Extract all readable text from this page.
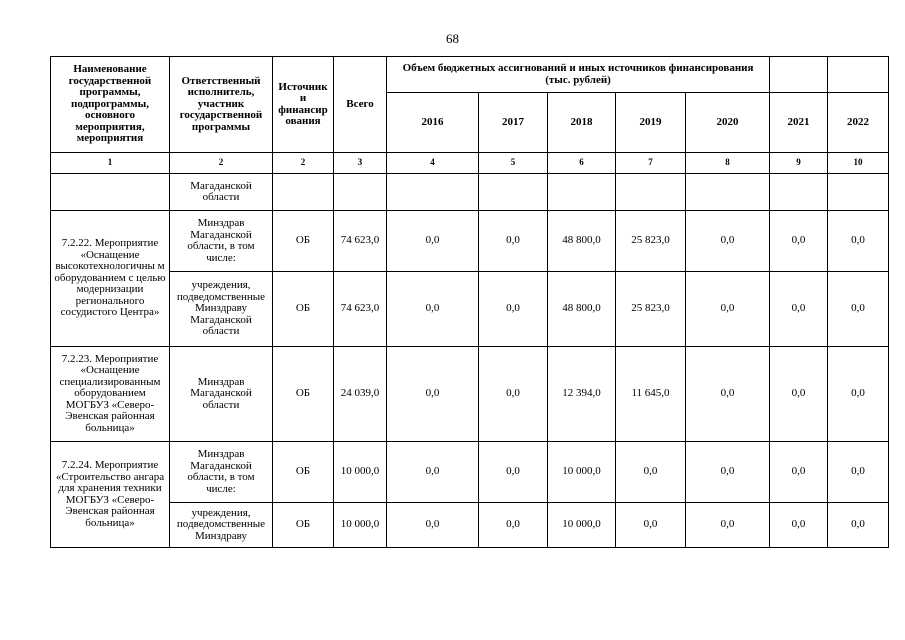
68
Наименование государственной программы, подпрограммы, основного мероприятия, мероприятия	Ответственный исполнитель, участник государственной программы	Источник и финансир ования	Всего	Объем бюджетных ассигнований и иных источников финансирования (тыс. рублей)						
				2016	2017	2018	2019	2020	2021	2022
1	2	2	3	4	5	6	7	8	9	10
	Магаданской области									
7.2.22. Мероприятие «Оснащение высокотехнологичны м оборудованием с целью модернизации регионального сосудистого Центра»	Минздрав Магаданской области, в том числе:	ОБ	74 623,0	0,0	0,0	48 800,0	25 823,0	0,0	0,0	0,0
	учреждения, подведомственные Минздраву Магаданской области	ОБ	74 623,0	0,0	0,0	48 800,0	25 823,0	0,0	0,0	0,0
7.2.23. Мероприятие «Оснащение специализированным оборудованием МОГБУЗ «Северо-Эвенская районная больница»	Минздрав Магаданской области	ОБ	24 039,0	0,0	0,0	12 394,0	11 645,0	0,0	0,0	0,0
7.2.24. Мероприятие «Строительство ангара для хранения техники МОГБУЗ «Северо-Эвенская районная больница»	Минздрав Магаданской области, в том числе:	ОБ	10 000,0	0,0	0,0	10 000,0	0,0	0,0	0,0	0,0
	учреждения, подведомственные Минздраву	ОБ	10 000,0	0,0	0,0	10 000,0	0,0	0,0	0,0	0,0
